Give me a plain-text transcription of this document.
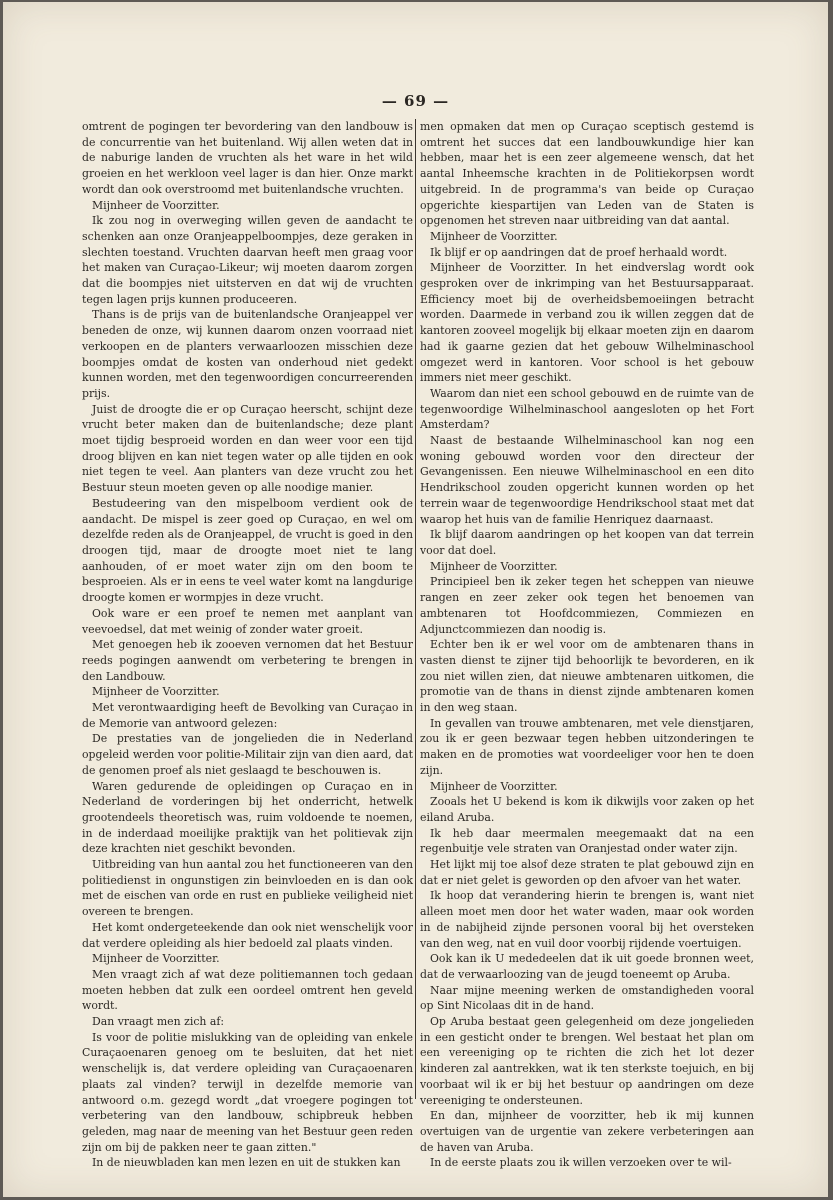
— 69 —

omtrent de pogingen ter bevordering van den landbouw is de concurrentie van het buitenland. Wij allen weten dat in de naburige landen de vruchten als het ware in het wild groeien en het werkloon veel lager is dan hier. Onze markt wordt dan ook overstroomd met buitenlandsche vruchten.

Mijnheer de Voorzitter.

Ik zou nog in overweging willen geven de aandacht te schenken aan onze Oranjeappelboompjes, deze geraken in slechten toestand. Vruchten daarvan heeft men graag voor het maken van Curaçao-Likeur; wij moeten daarom zorgen dat die boompjes niet uitsterven en dat wij de vruchten tegen lagen prijs kunnen produceeren.

Thans is de prijs van de buitenlandsche Oranjeappel ver beneden de onze, wij kunnen daarom onzen voorraad niet verkoopen en de planters verwaarloozen misschien deze boompjes omdat de kosten van onderhoud niet gedekt kunnen worden, met den tegenwoordigen concurreerenden prijs.

Juist de droogte die er op Curaçao heerscht, schijnt deze vrucht beter maken dan de buitenlandsche; deze plant moet tijdig besproeid worden en dan weer voor een tijd droog blijven en kan niet tegen water op alle tijden en ook niet tegen te veel. Aan planters van deze vrucht zou het Bestuur steun moeten geven op alle noodige manier.

Bestudeering van den mispelboom verdient ook de aandacht. De mispel is zeer goed op Curaçao, en wel om dezelfde reden als de Oranjeappel, de vrucht is goed in den droogen tijd, maar de droogte moet niet te lang aanhouden, of er moet water zijn om den boom te besproeien. Als er in eens te veel water komt na langdurige droogte komen er wormpjes in deze vrucht.

Ook ware er een proef te nemen met aanplant van veevoedsel, dat met weinig of zonder water groeit.

Met genoegen heb ik zooeven vernomen dat het Bestuur reeds pogingen aanwendt om verbetering te brengen in den Landbouw.

Mijnheer de Voorzitter.

Met verontwaardiging heeft de Bevolking van Curaçao in de Memorie van antwoord gelezen:

De prestaties van de jongelieden die in Nederland opgeleid werden voor politie-Militair zijn van dien aard, dat de genomen proef als niet geslaagd te beschouwen is.

Waren gedurende de opleidingen op Curaçao en in Nederland de vorderingen bij het onderricht, hetwelk grootendeels theoretisch was, ruim voldoende te noemen, in de inderdaad moeilijke praktijk van het politievak zijn deze krachten niet geschikt bevonden.

Uitbreiding van hun aantal zou het functioneeren van den politiedienst in ongunstigen zin beinvloeden en is dan ook met de eischen van orde en rust en publieke veiligheid niet overeen te brengen.

Het komt ondergeteekende dan ook niet wenschelijk voor dat verdere opleiding als hier bedoeld zal plaats vinden.

Mijnheer de Voorzitter.

Men vraagt zich af wat deze politiemannen toch gedaan moeten hebben dat zulk een oordeel omtrent hen geveld wordt.

Dan vraagt men zich af:

Is voor de politie mislukking van de opleiding van enkele Curaçaoenaren genoeg om te besluiten, dat het niet wenschelijk is, dat verdere opleiding van Curaçaoenaren plaats zal vinden? terwijl in dezelfde memorie van antwoord o.m. gezegd wordt „dat vroegere pogingen tot verbetering van den landbouw, schipbreuk hebben geleden, mag naar de meening van het Bestuur geen reden zijn om bij de pakken neer te gaan zitten."

In de nieuwbladen kan men lezen en uit de stukken kan

men opmaken dat men op Curaçao sceptisch gestemd is omtrent het succes dat een landbouwkundige hier kan hebben, maar het is een zeer algemeene wensch, dat het aantal Inheemsche krachten in de Politiekorpsen wordt uitgebreid. In de programma's van beide op Curaçao opgerichte kiespartijen van Leden van de Staten is opgenomen het streven naar uitbreiding van dat aantal.

Mijnheer de Voorzitter.

Ik blijf er op aandringen dat de proef herhaald wordt.

Mijnheer de Voorzitter. In het eindverslag wordt ook gesproken over de inkrimping van het Bestuursapparaat. Efficiency moet bij de overheidsbemoeiingen betracht worden. Daarmede in verband zou ik willen zeggen dat de kantoren zooveel mogelijk bij elkaar moeten zijn en daarom had ik gaarne gezien dat het gebouw Wilhelminaschool omgezet werd in kantoren. Voor school is het gebouw immers niet meer geschikt.

Waarom dan niet een school gebouwd en de ruimte van de tegenwoordige Wilhelminaschool aangesloten op het Fort Amsterdam?

Naast de bestaande Wilhelminaschool kan nog een woning gebouwd worden voor den directeur der Gevangenissen. Een nieuwe Wilhelminaschool en een dito Hendrikschool zouden opgericht kunnen worden op het terrein waar de tegenwoordige Hendrikschool staat met dat waarop het huis van de familie Henriquez daarnaast.

Ik blijf daarom aandringen op het koopen van dat terrein voor dat doel.

Mijnheer de Voorzitter.

Principieel ben ik zeker tegen het scheppen van nieuwe rangen en zeer zeker ook tegen het benoemen van ambtenaren tot Hoofdcommiezen, Commiezen en Adjunctcommiezen dan noodig is.

Echter ben ik er wel voor om de ambtenaren thans in vasten dienst te zijner tijd behoorlijk te bevorderen, en ik zou niet willen zien, dat nieuwe ambtenaren uitkomen, die promotie van de thans in dienst zijnde ambtenaren komen in den weg staan.

In gevallen van trouwe ambtenaren, met vele dienstjaren, zou ik er geen bezwaar tegen hebben uitzonderingen te maken en de promoties wat voordeeliger voor hen te doen zijn.

Mijnheer de Voorzitter.

Zooals het U bekend is kom ik dikwijls voor zaken op het eiland Aruba.

Ik heb daar meermalen meegemaakt dat na een regenbuitje vele straten van Oranjestad onder water zijn.

Het lijkt mij toe alsof deze straten te plat gebouwd zijn en dat er niet gelet is geworden op den afvoer van het water.

Ik hoop dat verandering hierin te brengen is, want niet alleen moet men door het water waden, maar ook worden in de nabijheid zijnde personen vooral bij het oversteken van den weg, nat en vuil door voorbij rijdende voertuigen.

Ook kan ik U mededeelen dat ik uit goede bronnen weet, dat de verwaarloozing van de jeugd toeneemt op Aruba.

Naar mijne meening werken de omstandigheden vooral op Sint Nicolaas dit in de hand.

Op Aruba bestaat geen gelegenheid om deze jongelieden in een gesticht onder te brengen. Wel bestaat het plan om een vereeniging op te richten die zich het lot dezer kinderen zal aantrekken, wat ik ten sterkste toejuich, en bij voorbaat wil ik er bij het bestuur op aandringen om deze vereeniging te ondersteunen.

En dan, mijnheer de voorzitter, heb ik mij kunnen overtuigen van de urgentie van zekere verbeteringen aan de haven van Aruba.

In de eerste plaats zou ik willen verzoeken over te wil-
